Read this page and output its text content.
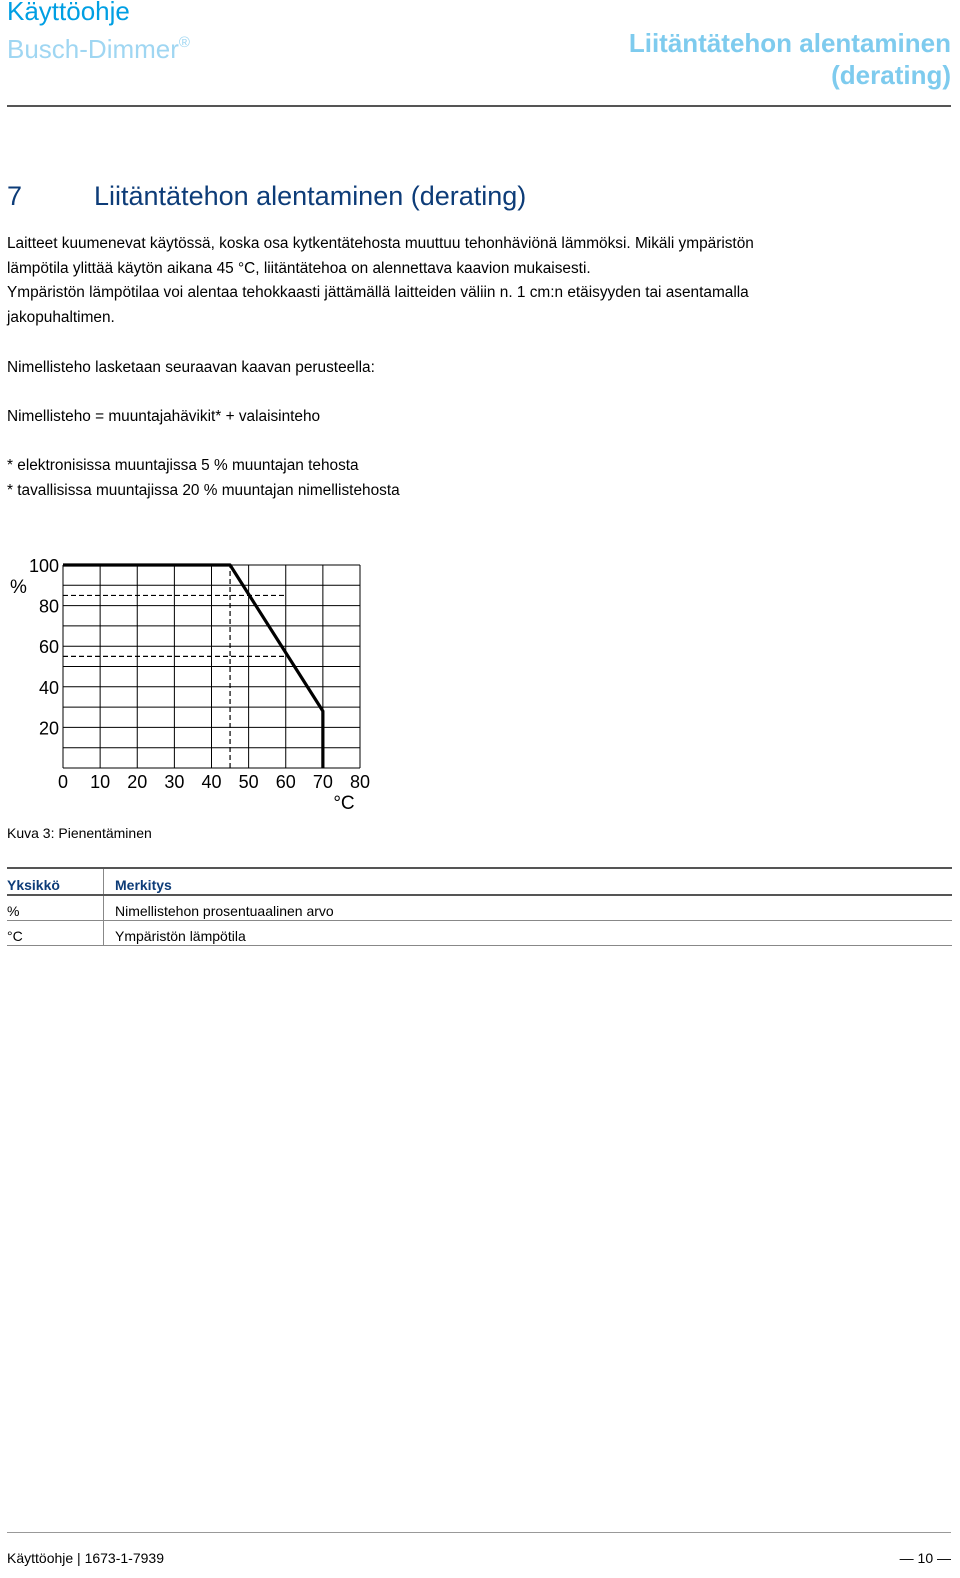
Käyttöohje
Busch-Dimmer®	Liitäntätehon alentaminen
(derating)
7	Liitäntätehon alentaminen (derating)
Laitteet kuumenevat käytössä, koska osa kytkentätehosta muuttuu tehonhäviönä lämmöksi. Mikäli ympäristön
lämpötila ylittää käytön aikana 45 °C, liitäntätehoa on alennettava kaavion mukaisesti.
Ympäristön lämpötilaa voi alentaa tehokkaasti jättämällä laitteiden väliin n. 1 cm:n etäisyyden tai asentamalla
jakopuhaltimen.
Nimellisteho lasketaan seuraavan kaavan perusteella:
Nimellisteho = muuntajahävikit* + valaisinteho
* elektronisissa muuntajissa 5 % muuntajan tehosta
* tavallisissa muuntajissa 20 % muuntajan nimellistehosta
0 10 20 30 40 50 60 70 80
20
40
60
80
100
%
°C
Kuva 3: Pienentäminen
Yksikkö	Merkitys
%	Nimellistehon prosentuaalinen arvo
°C	Ympäristön lämpötila
Käyttöohje | 1673-1-7939	— 10 —
